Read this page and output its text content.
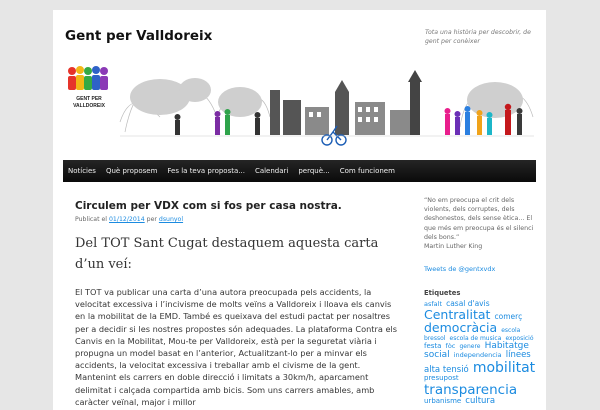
Gent per Valldoreix	Tota una història per descobrir, de gent per conèixer
GENT PER
VALLDOREIX
Notícies	Què proposem	Fes la teva proposta...	Calendari	perquè...	Com funcionem
Circulem per VDX com si fos per casa nostra.
Publicat el 01/12/2014 per dsunyol

Del TOT Sant Cugat destaquem aquesta carta d’un veí:

El TOT va publicar una carta d’una autora preocupada pels accidents, la velocitat excessiva i l’incivisme de molts veïns a Valldoreix i lloava els canvis en la mobilitat de la EMD. També es queixava del estudi pactat per nosaltres per a decidir si les nostres propostes són adequades. La plataforma Contra els Canvis en la Mobilitat, Mou-te per Valldoreix, està per la seguretat viària i propugna un model basat en l’anterior, Actualitzant-lo per a minvar els accidents, la velocitat excessiva i treballar amb el civisme de la gent. Mantenint els carrers en doble direcció i limitats a 30km/h, aparcament delimitat i calçada compartida amb bicis. Som uns carrers amables, amb caràcter veïnal, major i millor

“No em preocupa el crit dels violents, dels corruptes, dels deshonestos, dels sense ètica... El que més em preocupa és el silenci dels bons.”
Martin Luther King

Tweets de @gentxvdx
Etiquetes
asfalt casal d'avis Centralitat comerç democràcia escola bressol escola de musica exposició festa fòc genere Habitatge social independencia línees alta tensió mobilitat presupost transparencia urbanisme cultura
